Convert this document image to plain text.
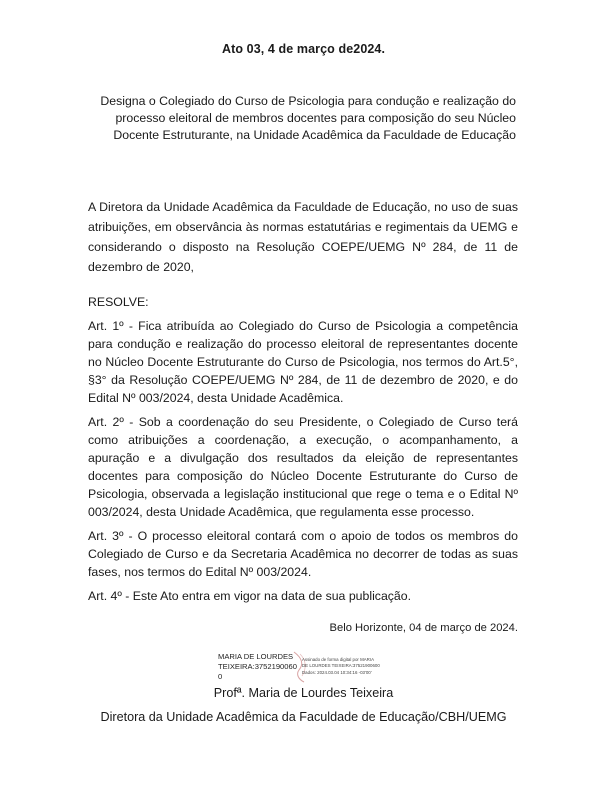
Ato 03, 4 de março de2024.
Designa o Colegiado do Curso de Psicologia para condução e realização do processo eleitoral de membros docentes para composição do seu Núcleo Docente Estruturante, na Unidade Acadêmica da Faculdade de Educação
A Diretora da Unidade Acadêmica da Faculdade de Educação, no uso de suas atribuições, em observância às normas estatutárias e regimentais da UEMG e considerando o disposto na Resolução COEPE/UEMG Nº 284, de 11 de dezembro de 2020,

RESOLVE:

Art. 1º - Fica atribuída ao Colegiado do Curso de Psicologia a competência para condução e realização do processo eleitoral de representantes docente no Núcleo Docente Estruturante do Curso de Psicologia, nos termos do Art.5°, §3° da Resolução COEPE/UEMG Nº 284, de 11 de dezembro de 2020, e do Edital Nº 003/2024, desta Unidade Acadêmica.

Art. 2º - Sob a coordenação do seu Presidente, o Colegiado de Curso terá como atribuições a coordenação, a execução, o acompanhamento, a apuração e a divulgação dos resultados da eleição de representantes docentes para composição do Núcleo Docente Estruturante do Curso de Psicologia, observada a legislação institucional que rege o tema e o Edital Nº 003/2024, desta Unidade Acadêmica, que regulamenta esse processo.

Art. 3º - O processo eleitoral contará com o apoio de todos os membros do Colegiado de Curso e da Secretaria Acadêmica no decorrer de todas as suas fases, nos termos do Edital Nº 003/2024.

Art. 4º - Este Ato entra em vigor na data de sua publicação.

Belo Horizonte, 04 de março de 2024.
MARIA DE LOURDES
TEIXEIRA:3752190060
0
Assinado de forma digital por MARIA
DE LOURDES TEIXEIRA:37521900600
Dados: 2024.03.04 10:34:16 -03'00'
Profª. Maria de Lourdes Teixeira
Diretora da Unidade Acadêmica da Faculdade de Educação/CBH/UEMG
